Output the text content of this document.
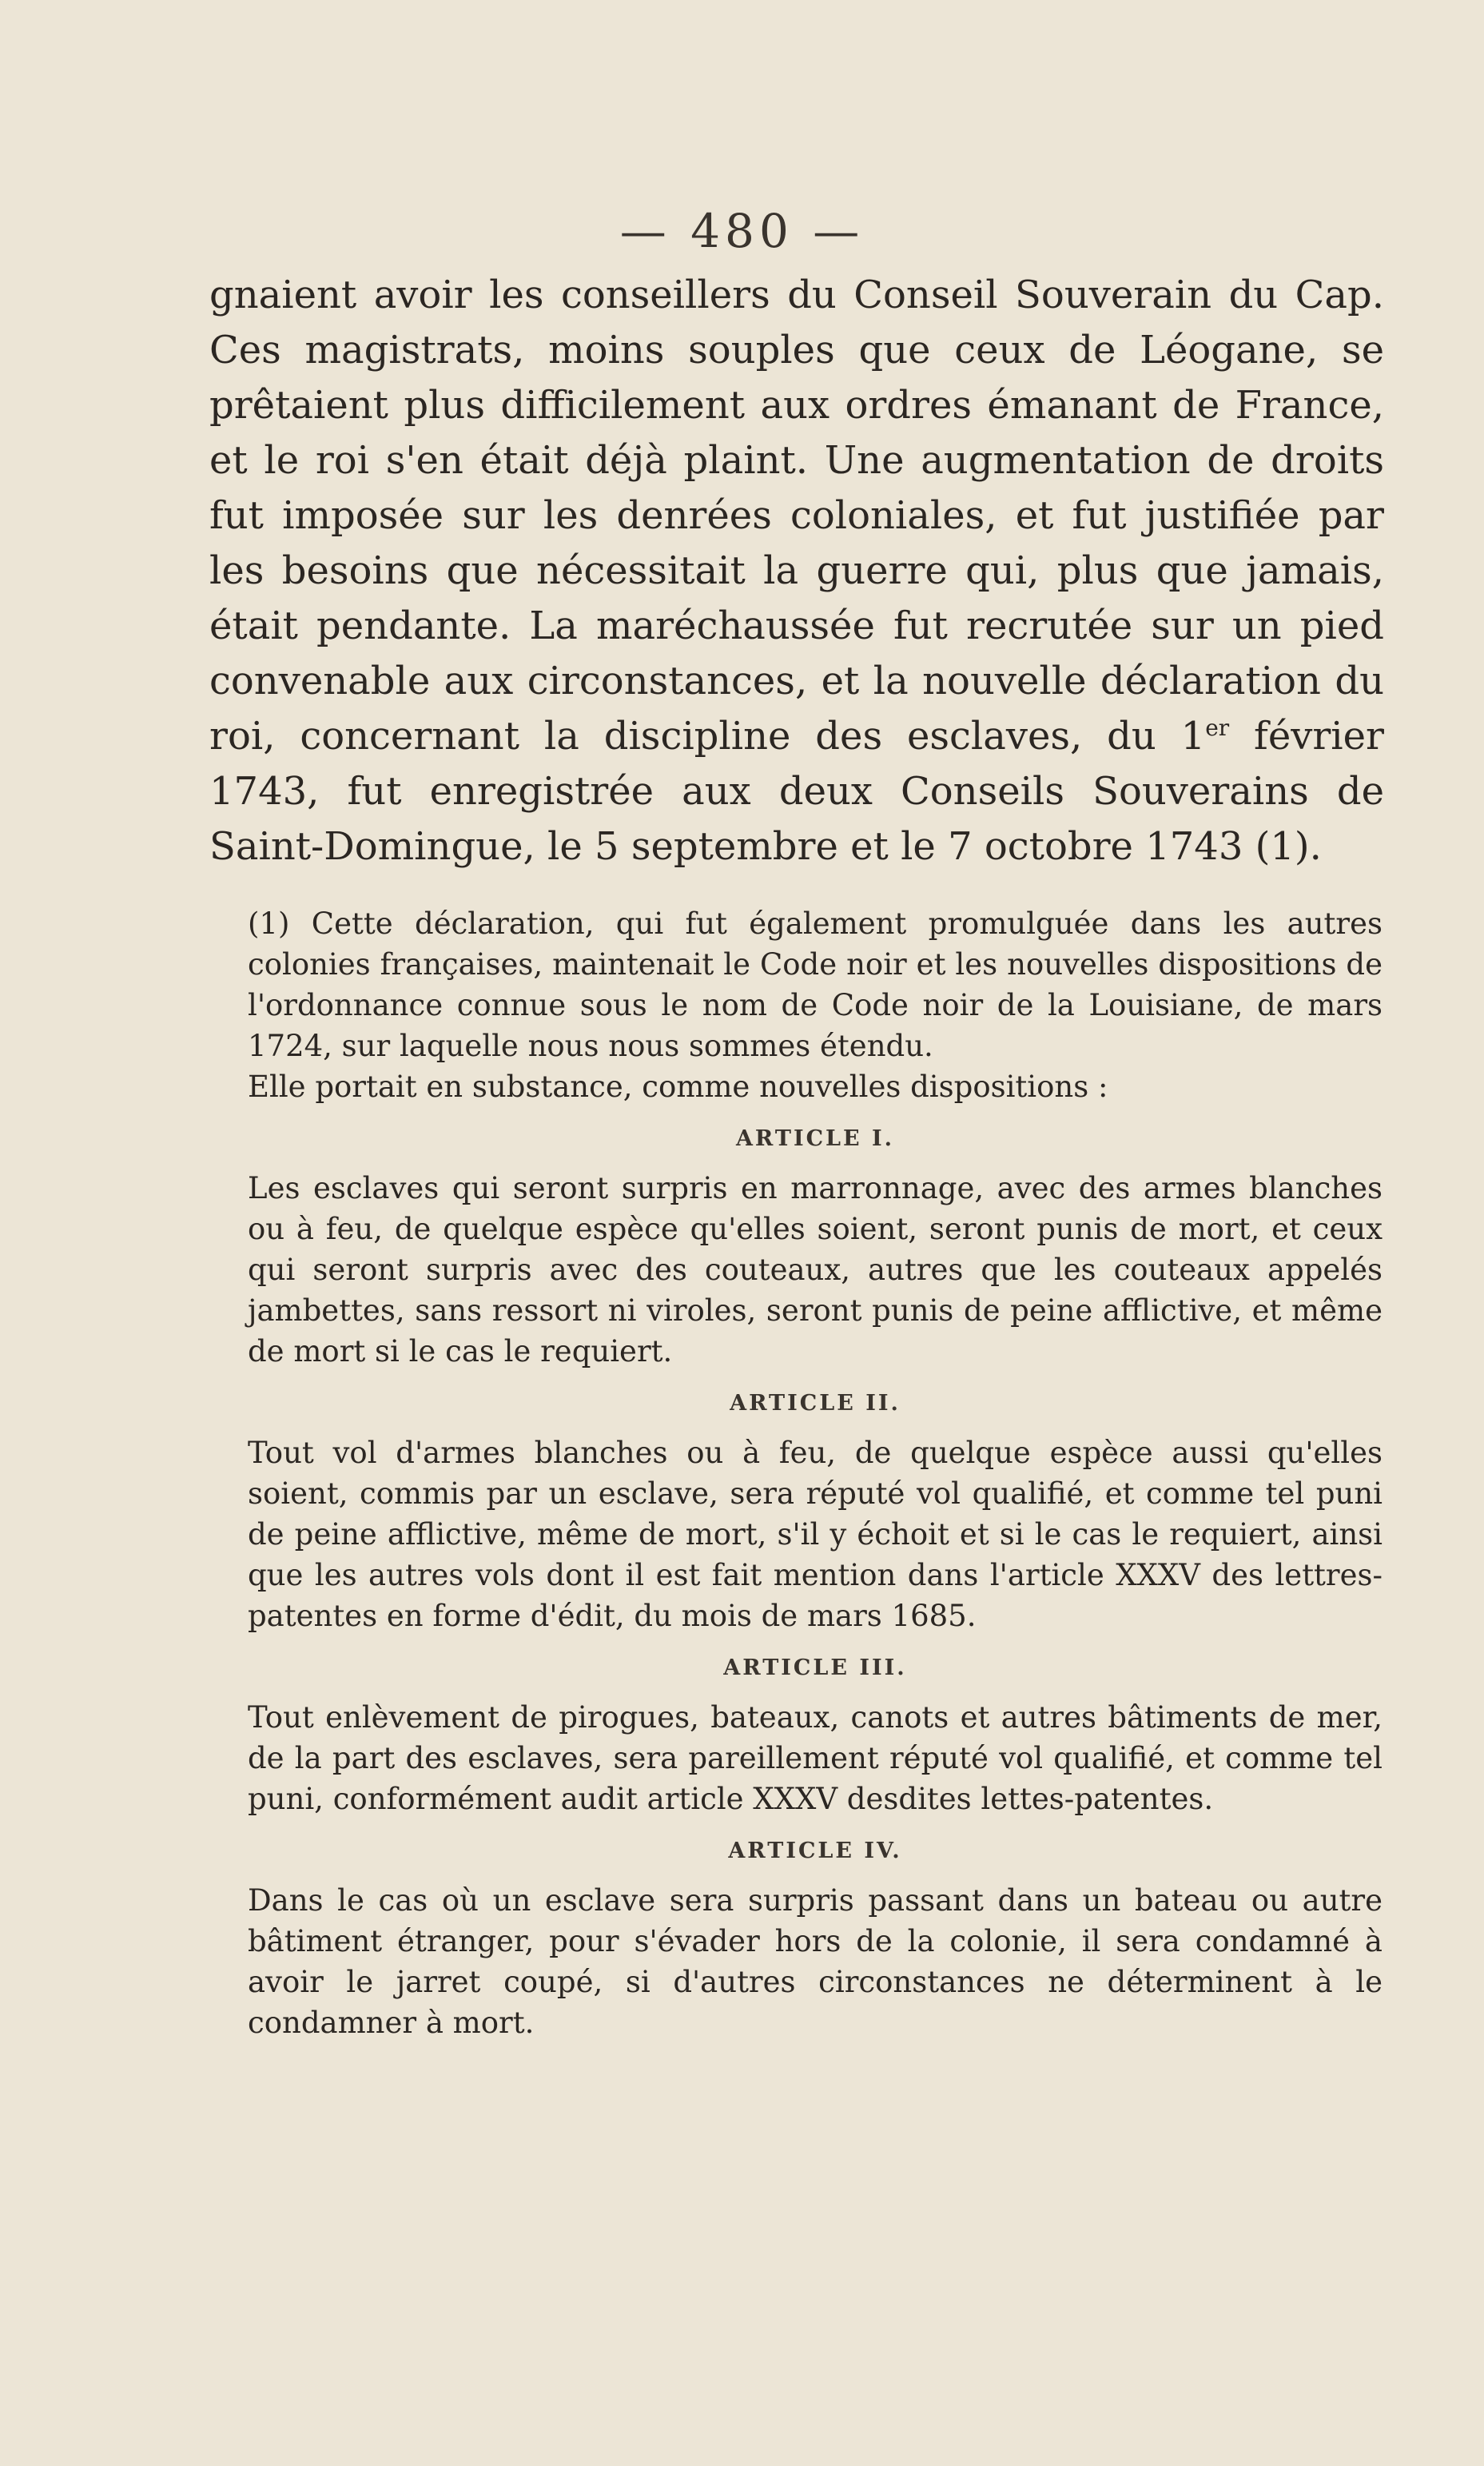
— 480 —

gnaient avoir les conseillers du Conseil Souverain du Cap. Ces magistrats, moins souples que ceux de Léogane, se prêtaient plus difficilement aux ordres émanant de France, et le roi s'en était déjà plaint. Une augmentation de droits fut imposée sur les denrées coloniales, et fut justifiée par les besoins que nécessitait la guerre qui, plus que jamais, était pendante. La maréchaussée fut recrutée sur un pied convenable aux circonstances, et la nouvelle déclaration du roi, concernant la discipline des esclaves, du 1er février 1743, fut enregistrée aux deux Conseils Souverains de Saint-Domingue, le 5 septembre et le 7 octobre 1743 (1).

(1) Cette déclaration, qui fut également promulguée dans les autres colonies françaises, maintenait le Code noir et les nouvelles dispositions de l'ordonnance connue sous le nom de Code noir de la Louisiane, de mars 1724, sur laquelle nous nous sommes étendu.

Elle portait en substance, comme nouvelles dispositions :

ARTICLE I.

Les esclaves qui seront surpris en marronnage, avec des armes blanches ou à feu, de quelque espèce qu'elles soient, seront punis de mort, et ceux qui seront surpris avec des couteaux, autres que les couteaux appelés jambettes, sans ressort ni viroles, seront punis de peine afflictive, et même de mort si le cas le requiert.

ARTICLE II.

Tout vol d'armes blanches ou à feu, de quelque espèce aussi qu'elles soient, commis par un esclave, sera réputé vol qualifié, et comme tel puni de peine afflictive, même de mort, s'il y échoit et si le cas le requiert, ainsi que les autres vols dont il est fait mention dans l'article XXXV des lettres-patentes en forme d'édit, du mois de mars 1685.

ARTICLE III.

Tout enlèvement de pirogues, bateaux, canots et autres bâtiments de mer, de la part des esclaves, sera pareillement réputé vol qualifié, et comme tel puni, conformément audit article XXXV desdites lettes-patentes.

ARTICLE IV.

Dans le cas où un esclave sera surpris passant dans un bateau ou autre bâtiment étranger, pour s'évader hors de la colonie, il sera condamné à avoir le jarret coupé, si d'autres circonstances ne déterminent à le condamner à mort.
